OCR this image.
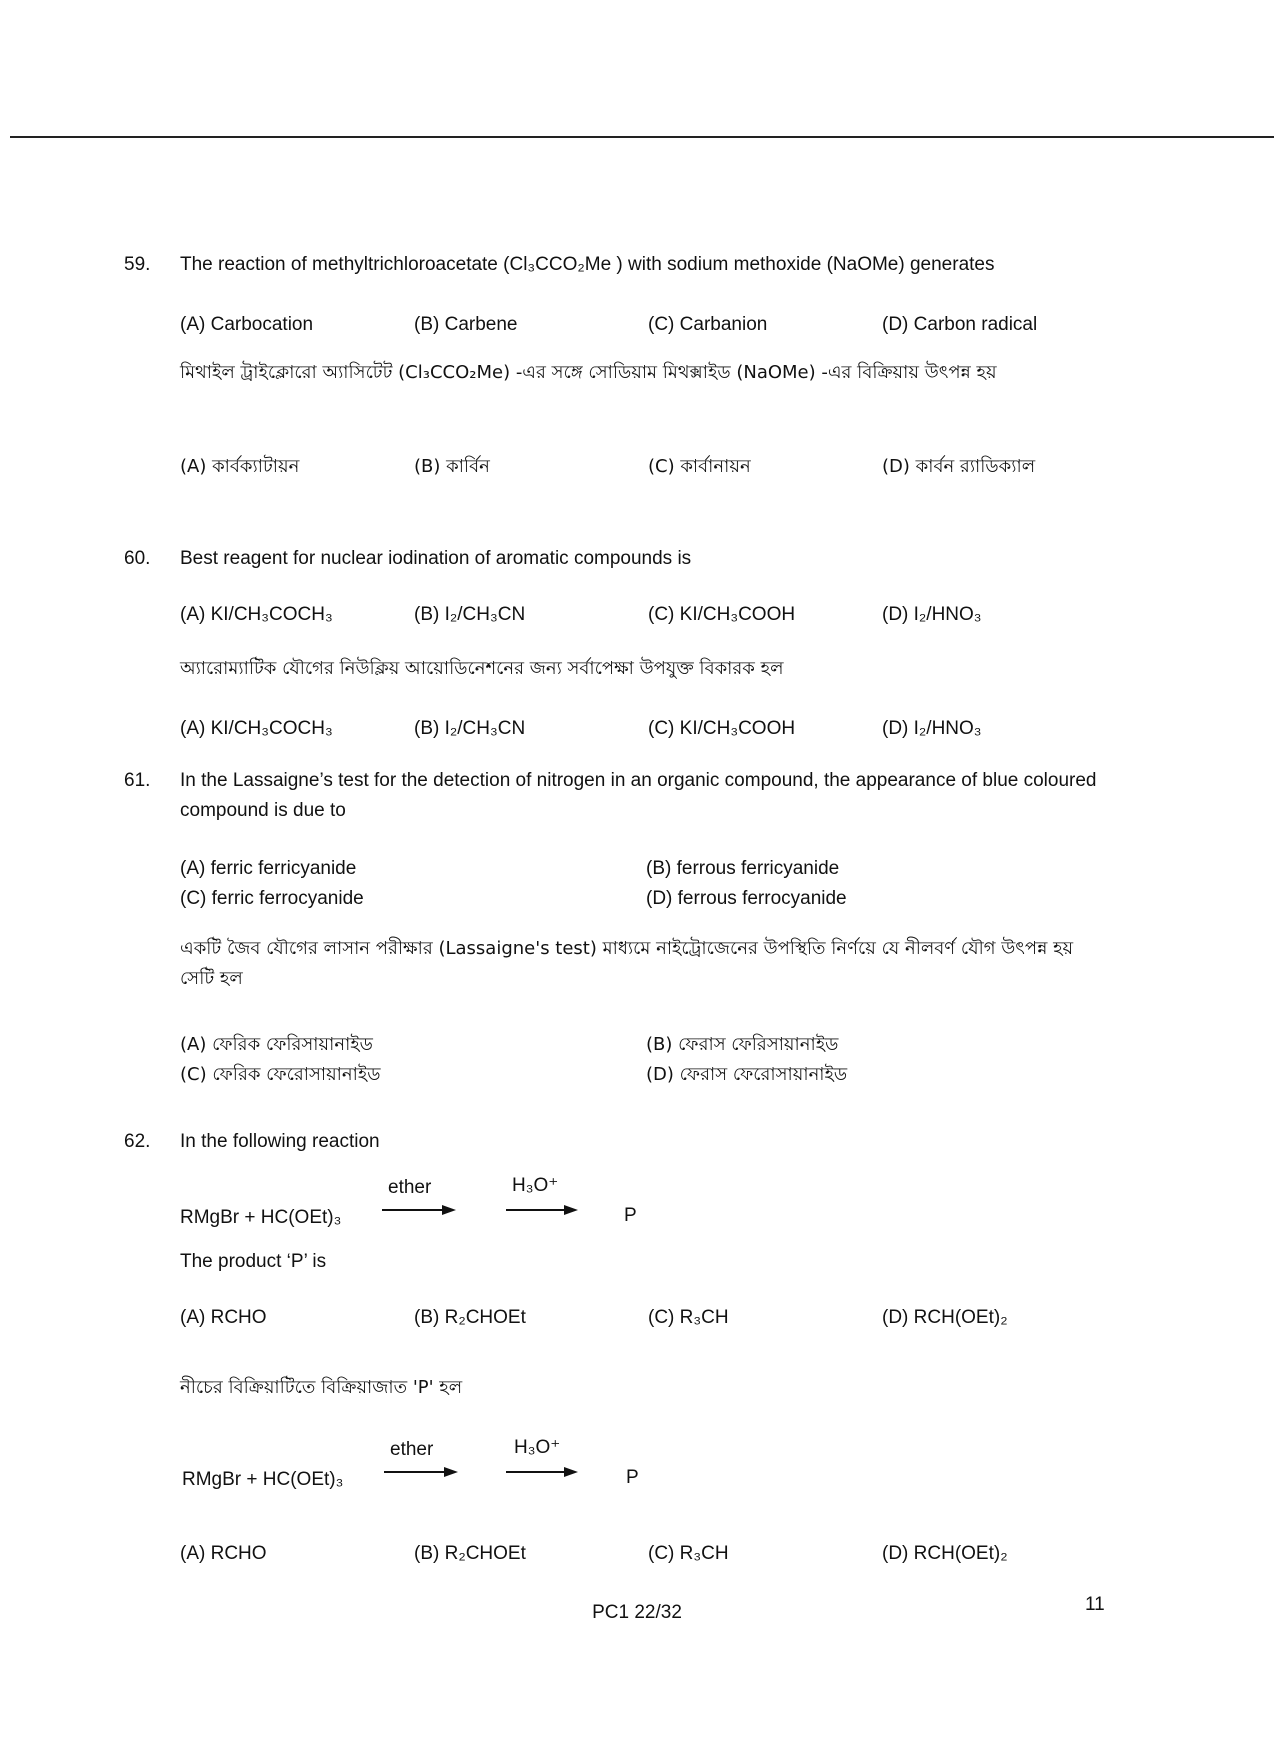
59.	The reaction of methyltrichloroacetate (Cl₃CCO₂Me ) with sodium methoxide (NaOMe) generates
(A) Carbocation	(B) Carbene	(C) Carbanion	(D) Carbon radical
মিথাইল ট্রাইক্লোরো অ্যাসিটেট (Cl₃CCO₂Me) -এর সঙ্গে সোডিয়াম মিথক্সাইড (NaOMe) -এর বিক্রিয়ায় উৎপন্ন হয়
(A) কার্বক্যাটায়ন	(B) কার্বিন	(C) কার্বানায়ন	(D) কার্বন র‍্যাডিক্যাল
60.	Best reagent for nuclear iodination of aromatic compounds is
(A) KI/CH₃COCH₃	(B) I₂/CH₃CN	(C) KI/CH₃COOH	(D) I₂/HNO₃
অ্যারোম্যাটিক যৌগের নিউক্লিয় আয়োডিনেশনের জন্য সর্বাপেক্ষা উপযুক্ত বিকারক হল
(A) KI/CH₃COCH₃	(B) I₂/CH₃CN	(C) KI/CH₃COOH	(D) I₂/HNO₃
61.	In the Lassaigne’s test for the detection of nitrogen in an organic compound, the appearance of blue coloured compound is due to
(A) ferric ferricyanide	(B) ferrous ferricyanide
(C) ferric ferrocyanide	(D) ferrous ferrocyanide
একটি জৈব যৌগের লাসান পরীক্ষার (Lassaigne's test) মাধ্যমে নাইট্রোজেনের উপস্থিতি নির্ণয়ে যে নীলবর্ণ যৌগ উৎপন্ন হয় সেটি হল
(A) ফেরিক ফেরিসায়ানাইড	(B) ফেরাস ফেরিসায়ানাইড
(C) ফেরিক ফেরোসায়ানাইড	(D) ফেরাস ফেরোসায়ানাইড
62.	In the following reaction
RMgBr + HC(OEt)₃
ether	H₃O⁺
P
The product ‘P’ is
(A) RCHO	(B) R₂CHOEt	(C) R₃CH	(D) RCH(OEt)₂
নীচের বিক্রিয়াটিতে বিক্রিয়াজাত 'P' হল
RMgBr + HC(OEt)₃
ether	H₃O⁺
P
(A) RCHO	(B) R₂CHOEt	(C) R₃CH	(D) RCH(OEt)₂
PC1 22/32	11
